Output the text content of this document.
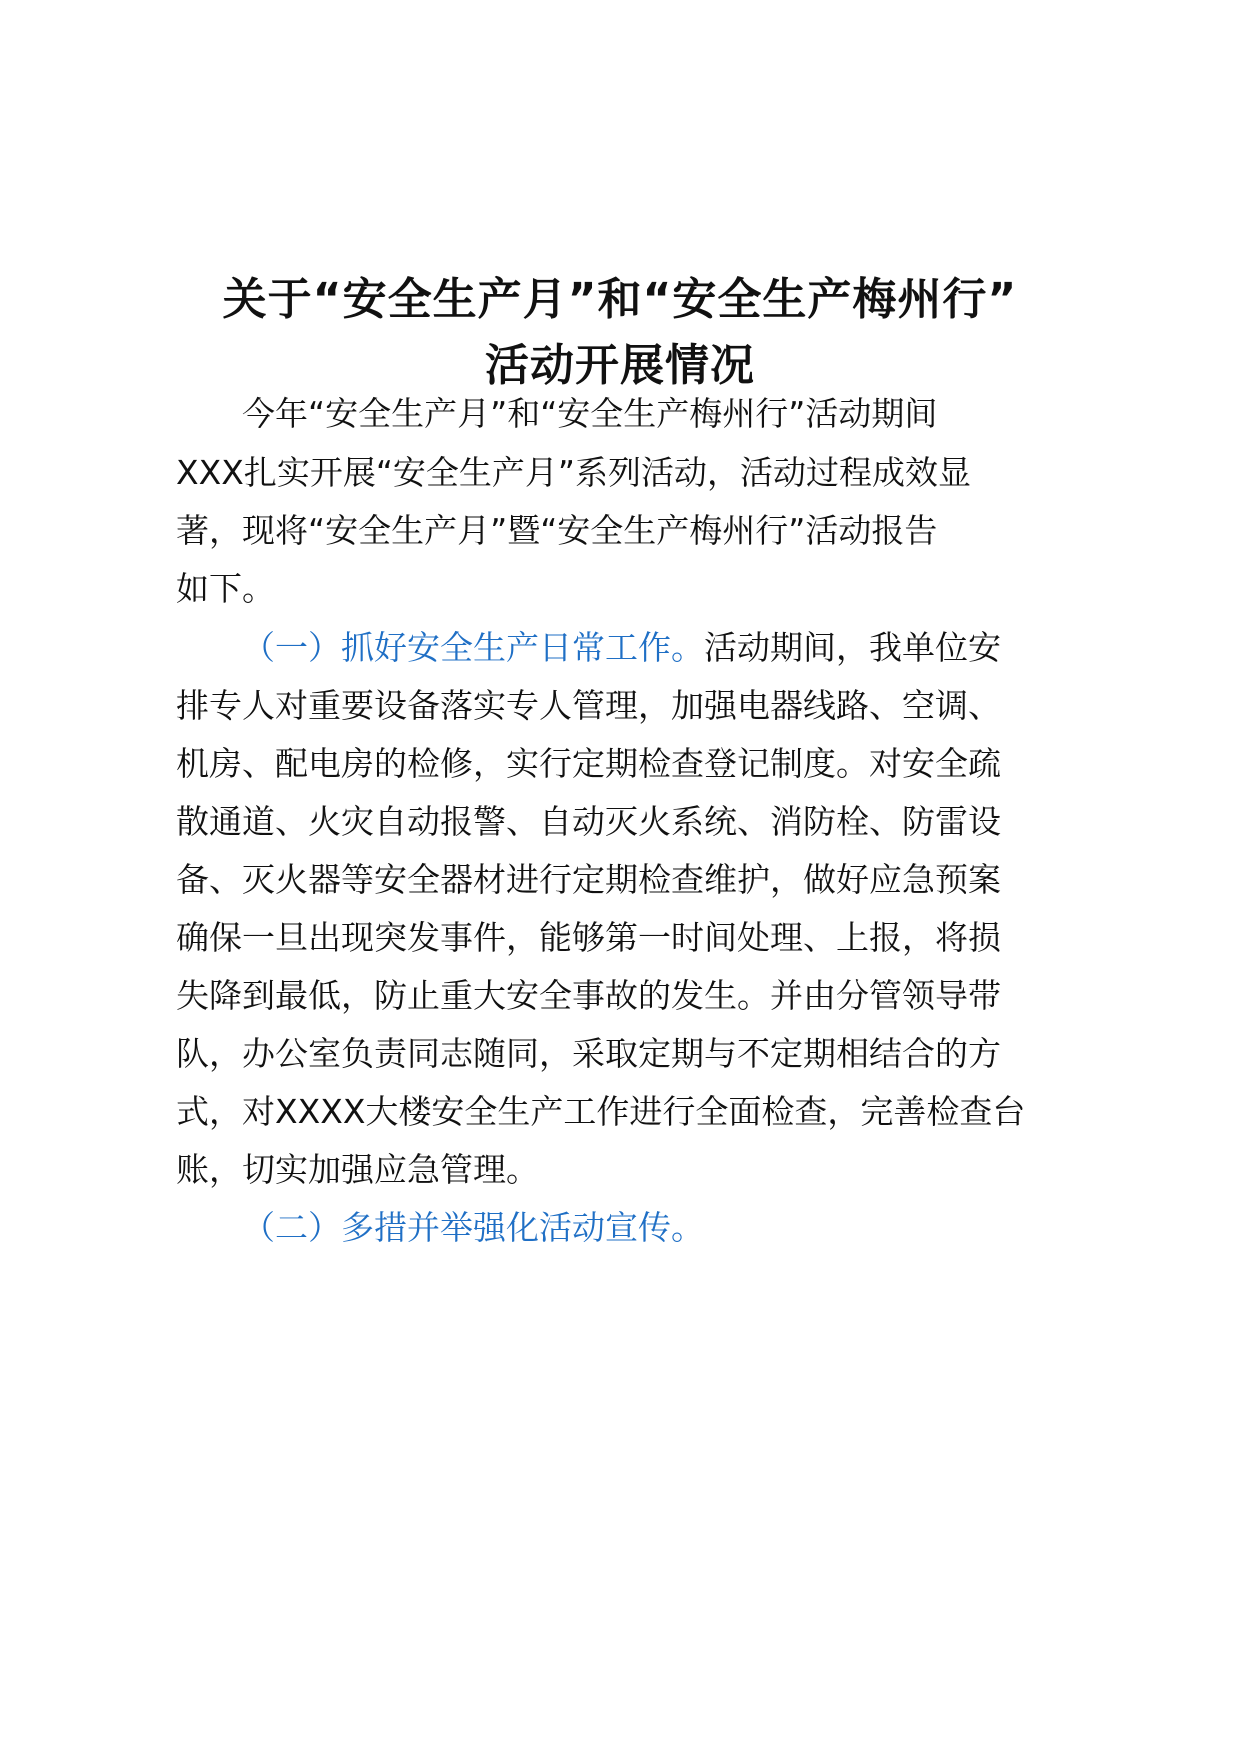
关于“安全生产月”和“安全生产梅州行”
活动开展情况
今年“安全生产月”和“安全生产梅州行”活动期间
XXX扎实开展“安全生产月”系列活动，活动过程成效显
著，现将“安全生产月”暨“安全生产梅州行”活动报告
如下。
（一）抓好安全生产日常工作。活动期间，我单位安
排专人对重要设备落实专人管理，加强电器线路、空调、
机房、配电房的检修，实行定期检查登记制度。对安全疏
散通道、火灾自动报警、自动灭火系统、消防栓、防雷设
备、灭火器等安全器材进行定期检查维护，做好应急预案
确保一旦出现突发事件，能够第一时间处理、上报，将损
失降到最低，防止重大安全事故的发生。并由分管领导带
队，办公室负责同志随同，采取定期与不定期相结合的方
式，对XXXX大楼安全生产工作进行全面检查，完善检查台
账，切实加强应急管理。
（二）多措并举强化活动宣传。
